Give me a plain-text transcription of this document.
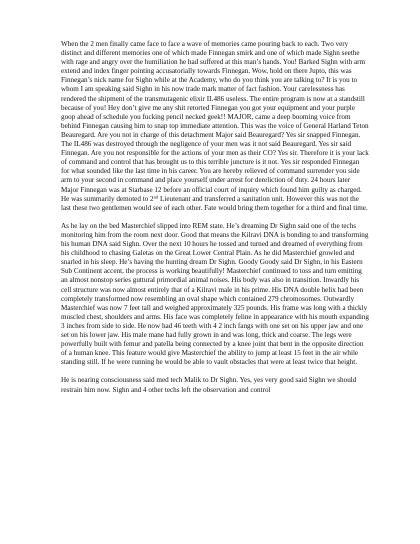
When the 2 men finally came face to face a wave of memories came pouring back to each. Two very distinct and different memories one of which made Finnegan smirk and one of which made Sighn seethe with rage and angry over the humiliation he had suffered at this man’s hands. You! Barked Sighn with arm extend and index finger pointing accusatorially towards Finnegan. Wow, hold on there Jupto, this was Finnegan’s nick name for Sighn while at the Academy, who do you think you are talking to? It is you to whom I am speaking said Sighn in his now trade mark matter of fact fashion. Your carelessness has rendered the shipment of the transmutagenic elixir IL486 useless. The entire program is now at a standstill because of you! Hey don’t give me any shit retorted Finnegan you got your equipment and your purple goop ahead of schedule you fucking pencil necked geek!! MAJOR, came a deep booming voice from behind Finnegan causing him to snap top immediate attention. This was the voice of General Harland Teton Beauregard. Are you not in charge of this detachment Major said Beauregard? Yes sir snapped Finnegan. The IL486 was destroyed through the negligence of your men was it not said Beauregard. Yes sir said Finnegan. Are you not responsible for the actions of your men as their CO? Yes sir. Therefore it is your lack of command and control that has brought us to this terrible juncture is it not. Yes sir responded Finnegan for what sounded like the last time in his career. You are hereby relieved of command surrender you side arm to your second in command and place yourself under arrest for dereliction of duty. 24 hours later Major Finnegan was at Starbase 12 before an official court of inquiry which found him guilty as charged. He was summarily demoted to 2nd Lieutenant and transferred a sanitation unit. However this was not the last these two gentlemen would see of each other. Fate would bring them together for a third and final time.

As he lay on the bed Masterchief slipped into REM state. He’s dreaming Dr Sighn said one of the techs monitoring him from the room next door. Good that means the Kilravi DNA is bonding to and transforming his human DNA said Sighn. Over the next 10 hours he tossed and turned and dreamed of everything from his childhood to chasing Galetas on the Great Lower Central Plain. As he did Masterchief growled and snarled in his sleep. He’s having the hunting dream Dr Sighn. Goody Goody said Dr Sighn, in his Eastern Sub Continent accent, the process is working beautifully! Masterchief continued to toss and turn emitting an almost nonstop series guttural primordial animal noises. His body was also in transition. Inwardly his cell structure was now almost entirely that of a Kilravi male in his prime. His DNA double helix had been completely transformed now resembling an oval shape which contained 279 chromosomes. Outwardly Masterchief was now 7 feet tall and weighed approximately 325 pounds. His frame was long with a thickly muscled chest, shoulders and arms. His face was completely feline in appearance with his mouth expanding 3 inches from side to side. He now had 46 teeth with 4 2 inch fangs with one set on his upper jaw and one set on his lower jaw. His male mane had fully grown in and was long, thick and coarse. The legs were powerfully built with femur and patella being connected by a knee joint that bent in the opposite direction of a human knee. This feature would give Masterchief the ability to jump at least 15 feet in the air while standing still. If he were running he would be able to vault obstacles that were at least twice that height.

He is nearing consciousness said med tech Malik to Dr Sighn. Yes, yes very good said Sighn we should restrain him now. Sighn and 4 other techs left the observation and control
